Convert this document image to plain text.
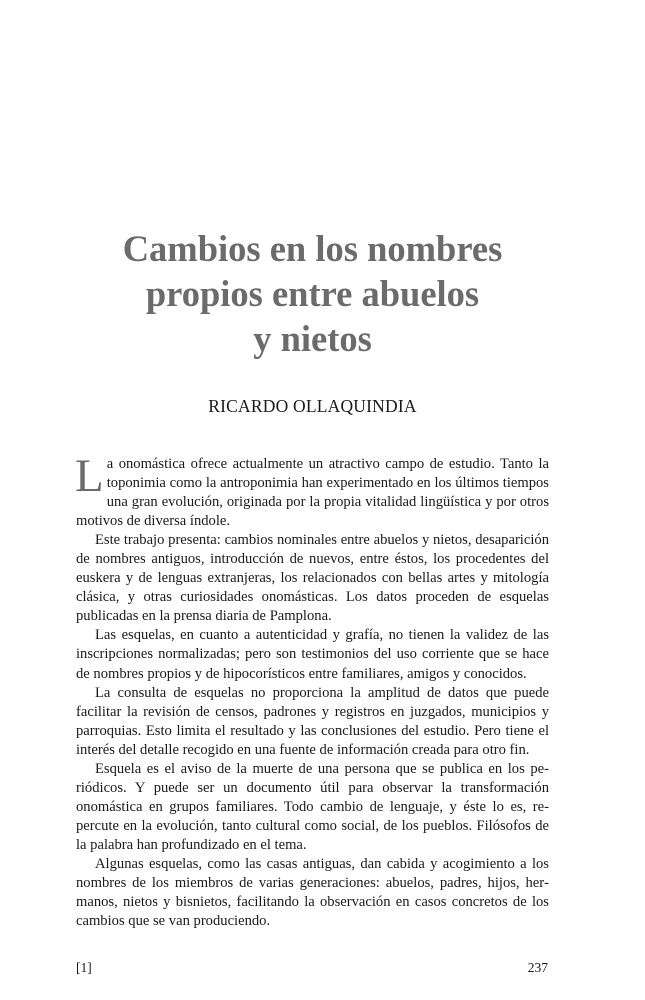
Cambios en los nombres
propios entre abuelos
y nietos
RICARDO OLLAQUINDIA

La onomástica ofrece actualmente un atractivo campo de estudio. Tanto la toponimia como la antroponimia han experimentado en los últimos tiempos una gran evolución, originada por la propia vitalidad lingüística y por otros motivos de diversa índole.

Este trabajo presenta: cambios nominales entre abuelos y nietos, desaparición de nombres antiguos, introducción de nuevos, entre éstos, los procedentes del euskera y de lenguas extranjeras, los relacionados con bellas artes y mitología clásica, y otras curiosidades onomásticas. Los datos proceden de esquelas publicadas en la prensa diaria de Pamplona.

Las esquelas, en cuanto a autenticidad y grafía, no tienen la validez de las inscripciones normalizadas; pero son testimonios del uso corriente que se hace de nombres propios y de hipocorísticos entre familiares, amigos y conocidos.

La consulta de esquelas no proporciona la amplitud de datos que puede facilitar la revisión de censos, padrones y registros en juzgados, municipios y parroquias. Esto limita el resultado y las conclusiones del estudio. Pero tiene el interés del detalle recogido en una fuente de información creada para otro fin.

Esquela es el aviso de la muerte de una persona que se publica en los periódicos. Y puede ser un documento útil para observar la transformación onomástica en grupos familiares. Todo cambio de lenguaje, y éste lo es, repercute en la evolución, tanto cultural como social, de los pueblos. Filósofos de la palabra han profundizado en el tema.

Algunas esquelas, como las casas antiguas, dan cabida y acogimiento a los nombres de los miembros de varias generaciones: abuelos, padres, hijos, hermanos, nietos y bisnietos, facilitando la observación en casos concretos de los cambios que se van produciendo.

[1]	237
